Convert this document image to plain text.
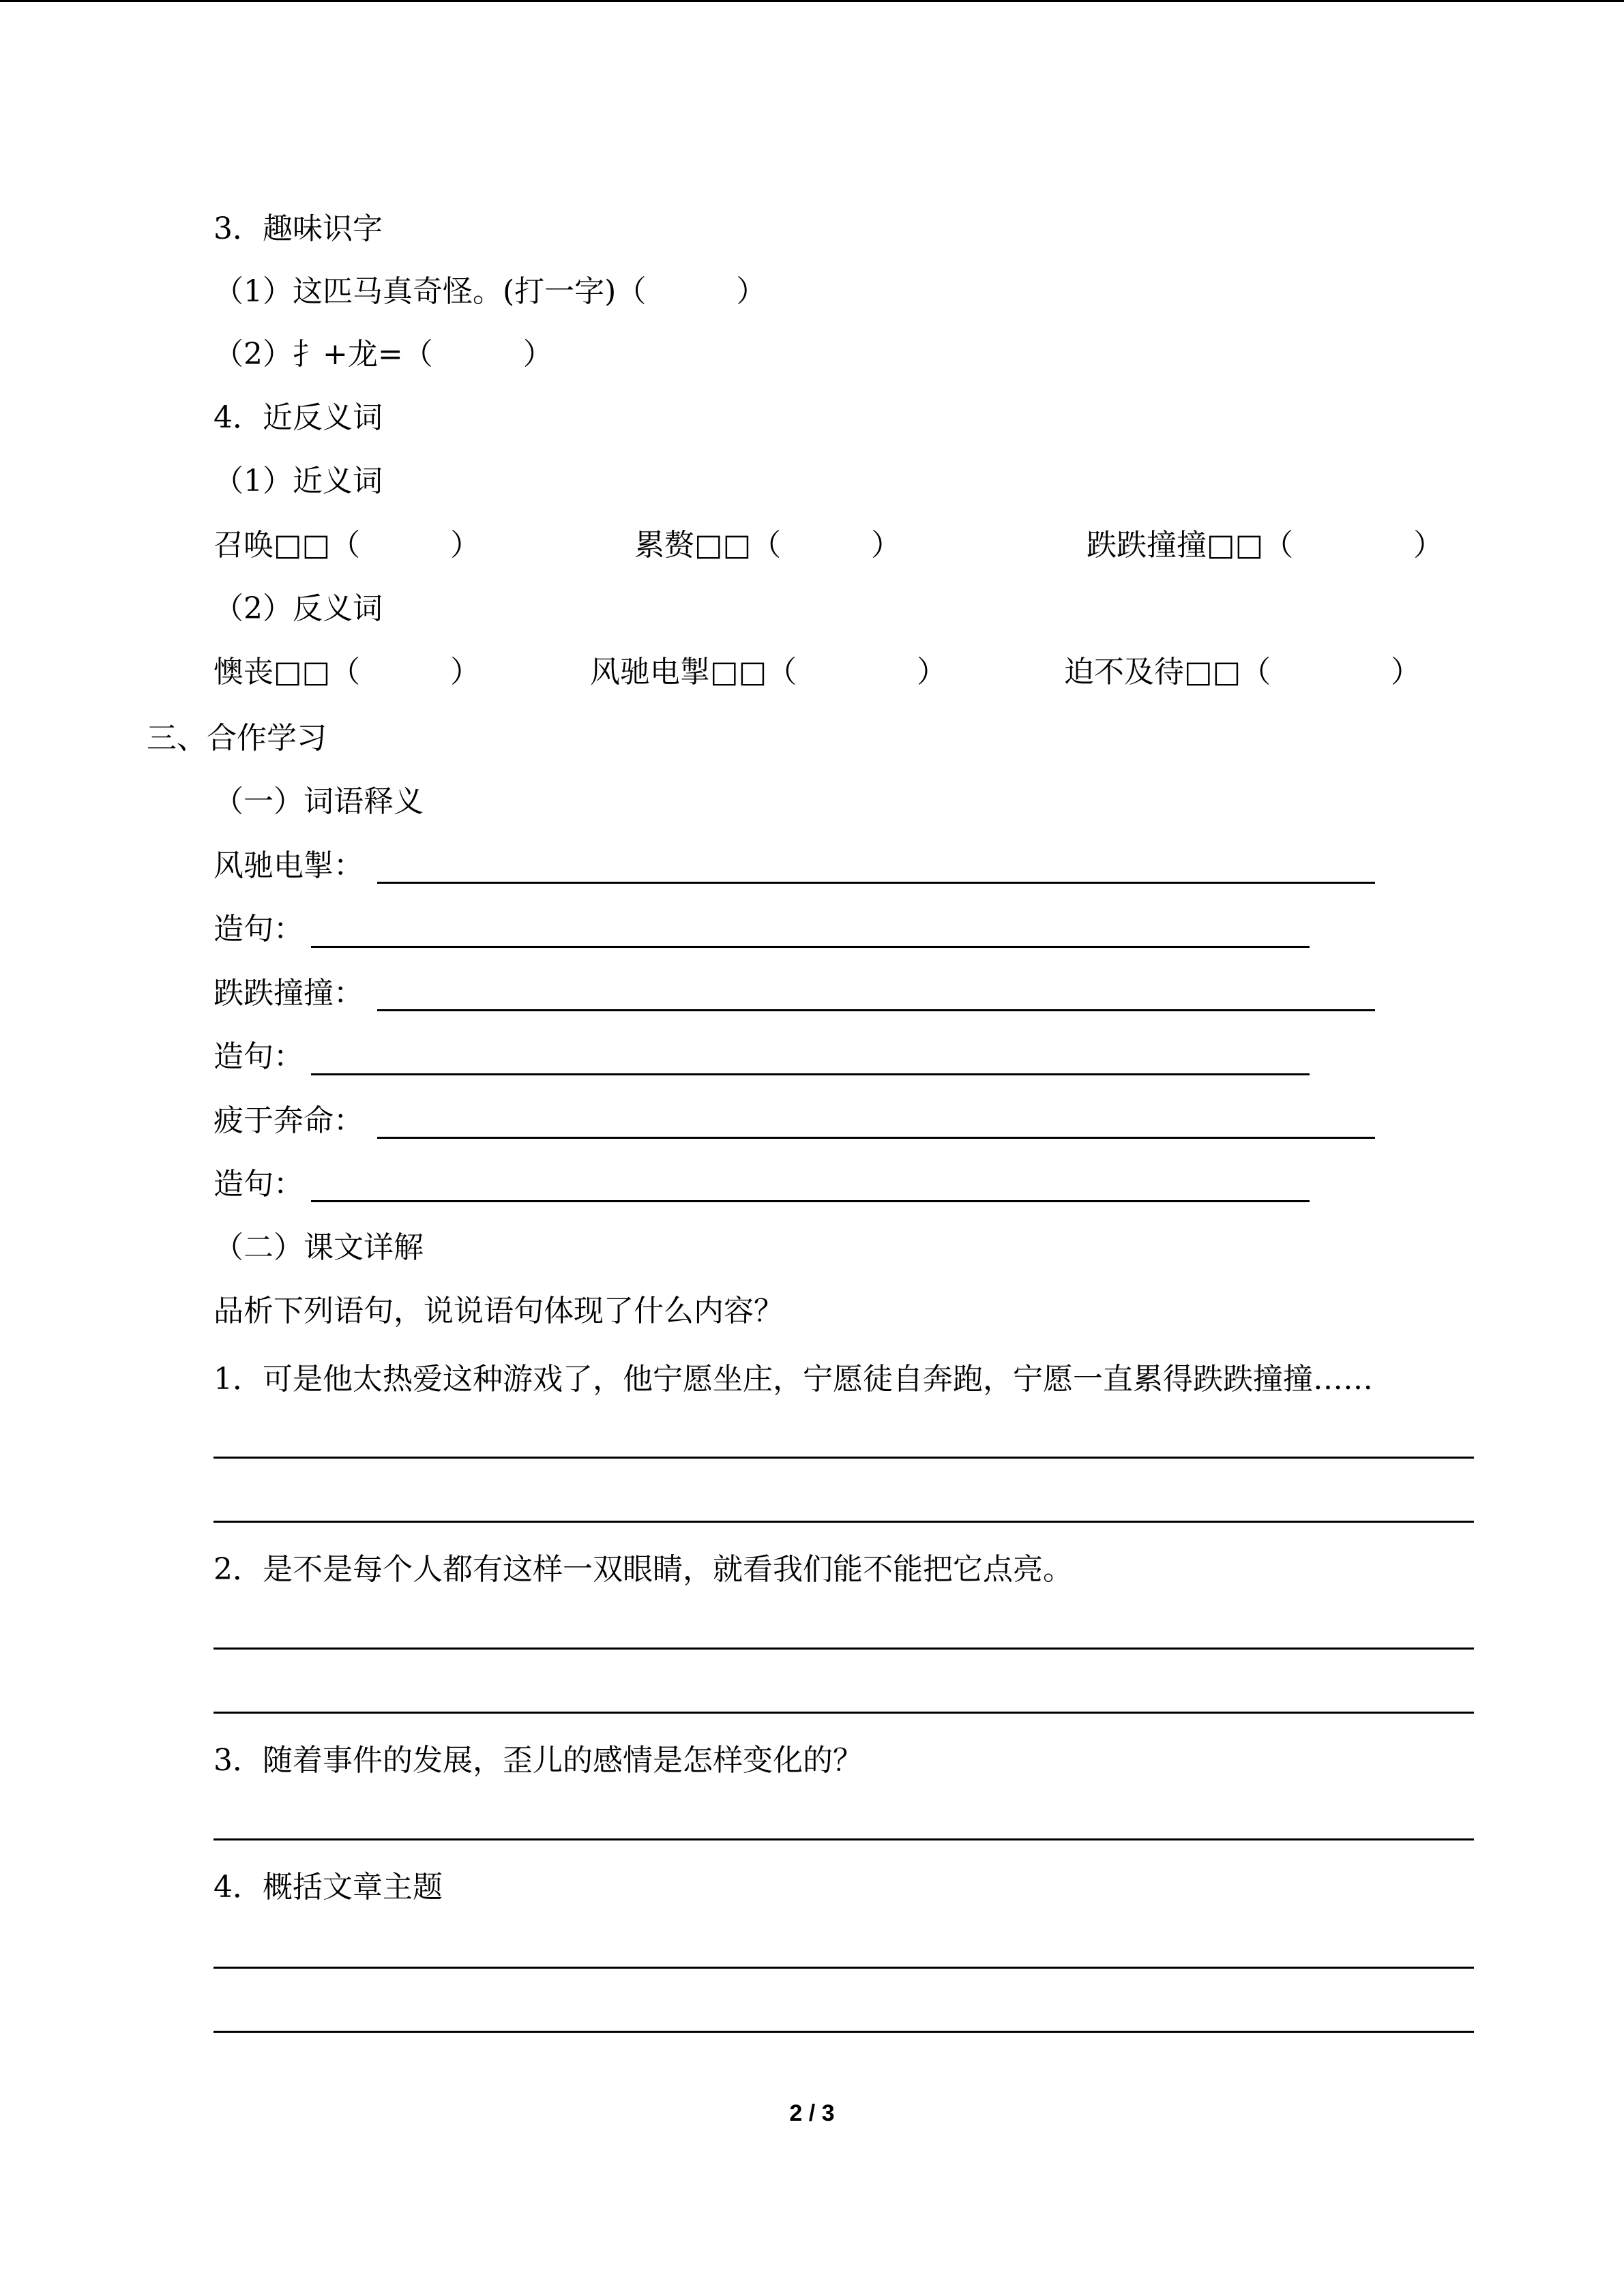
3．趣味识字
（1）这匹马真奇怪。(打一字)（　　　）
（2）扌+龙=（　　　）
4．近反义词
（1）近义词
召唤□□（　　　）	累赘□□（　　　）	跌跌撞撞□□（　　　　）
（2）反义词
懊丧□□（　　　）	风驰电掣□□（　　　　）	迫不及待□□（　　　　）
三、合作学习
（一）词语释义
风驰电掣：
造句：
跌跌撞撞：
造句：
疲于奔命：
造句：
（二）课文详解
品析下列语句，说说语句体现了什么内容？
1．可是他太热爱这种游戏了，他宁愿坐庄，宁愿徒自奔跑，宁愿一直累得跌跌撞撞……
2．是不是每个人都有这样一双眼睛，就看我们能不能把它点亮。
3．随着事件的发展，歪儿的感情是怎样变化的？
4．概括文章主题
2 / 3
